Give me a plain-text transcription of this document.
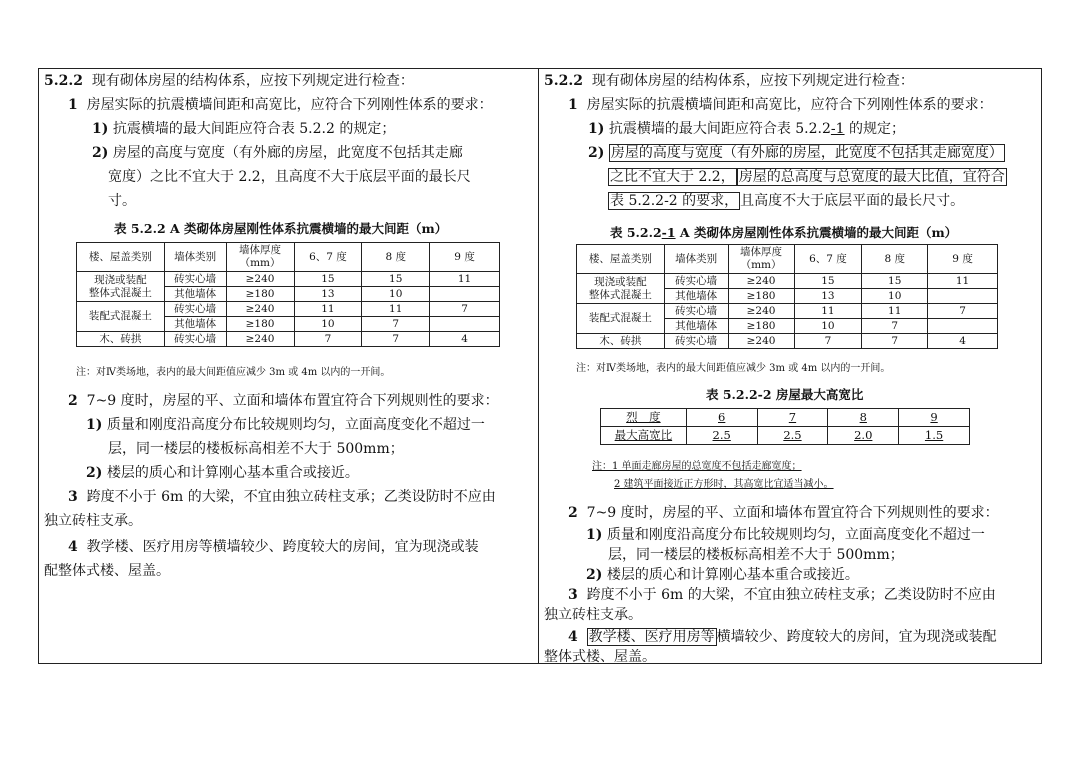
5.2.2 现有砌体房屋的结构体系，应按下列规定进行检查：
1 房屋实际的抗震横墙间距和高宽比，应符合下列刚性体系的要求：
1) 抗震横墙的最大间距应符合表 5.2.2 的规定；
2) 房屋的高度与宽度（有外廊的房屋，此宽度不包括其走廊
宽度）之比不宜大于 2.2，且高度不大于底层平面的最长尺
寸。
表 5.2.2 A 类砌体房屋刚性体系抗震横墙的最大间距（m）
楼、屋盖类别	墙体类别	墙体厚度
（mm）	6、7 度	8 度	9 度
现浇或装配
整体式混凝土	砖实心墙	≥240	15	15	11
	其他墙体	≥180	13	10	
装配式混凝土	砖实心墙	≥240	11	11	7
	其他墙体	≥180	10	7	
木、砖拱	砖实心墙	≥240	7	7	4
注：对Ⅳ类场地，表内的最大间距值应减少 3m 或 4m 以内的一开间。
2 7~9 度时，房屋的平、立面和墙体布置宜符合下列规则性的要求：
1) 质量和刚度沿高度分布比较规则均匀，立面高度变化不超过一
层，同一楼层的楼板标高相差不大于 500mm；
2) 楼层的质心和计算刚心基本重合或接近。
3 跨度不小于 6m 的大梁，不宜由独立砖柱支承；乙类设防时不应由
独立砖柱支承。
4 教学楼、医疗用房等横墙较少、跨度较大的房间，宜为现浇或装
配整体式楼、屋盖。
5.2.2 现有砌体房屋的结构体系，应按下列规定进行检查：
1 房屋实际的抗震横墙间距和高宽比，应符合下列刚性体系的要求：
1) 抗震横墙的最大间距应符合表 5.2.2-1 的规定；
2) 房屋的高度与宽度（有外廊的房屋，此宽度不包括其走廊宽度）
之比不宜大于 2.2， 房屋的总高度与总宽度的最大比值，宜符合
表 5.2.2-2 的要求， 且高度不大于底层平面的最长尺寸。
表 5.2.2-1 A 类砌体房屋刚性体系抗震横墙的最大间距（m）
楼、屋盖类别	墙体类别	墙体厚度
（mm）	6、7 度	8 度	9 度
现浇或装配
整体式混凝土	砖实心墙	≥240	15	15	11
	其他墙体	≥180	13	10	
装配式混凝土	砖实心墙	≥240	11	11	7
	其他墙体	≥180	10	7	
木、砖拱	砖实心墙	≥240	7	7	4
注：对Ⅳ类场地，表内的最大间距值应减少 3m 或 4m 以内的一开间。
表 5.2.2-2 房屋最大高宽比
烈　度	6	7	8	9
最大高宽比	2.5	2.5	2.0	1.5
注：1 单面走廊房屋的总宽度不包括走廊宽度；
2 建筑平面接近正方形时，其高宽比宜适当减小。
2 7~9 度时，房屋的平、立面和墙体布置宜符合下列规则性的要求：
1) 质量和刚度沿高度分布比较规则均匀，立面高度变化不超过一
层，同一楼层的楼板标高相差不大于 500mm；
2) 楼层的质心和计算刚心基本重合或接近。
3 跨度不小于 6m 的大梁，不宜由独立砖柱支承；乙类设防时不应由
独立砖柱支承。
4 教学楼、医疗用房等 横墙较少、跨度较大的房间，宜为现浇或装配
整体式楼、屋盖。
